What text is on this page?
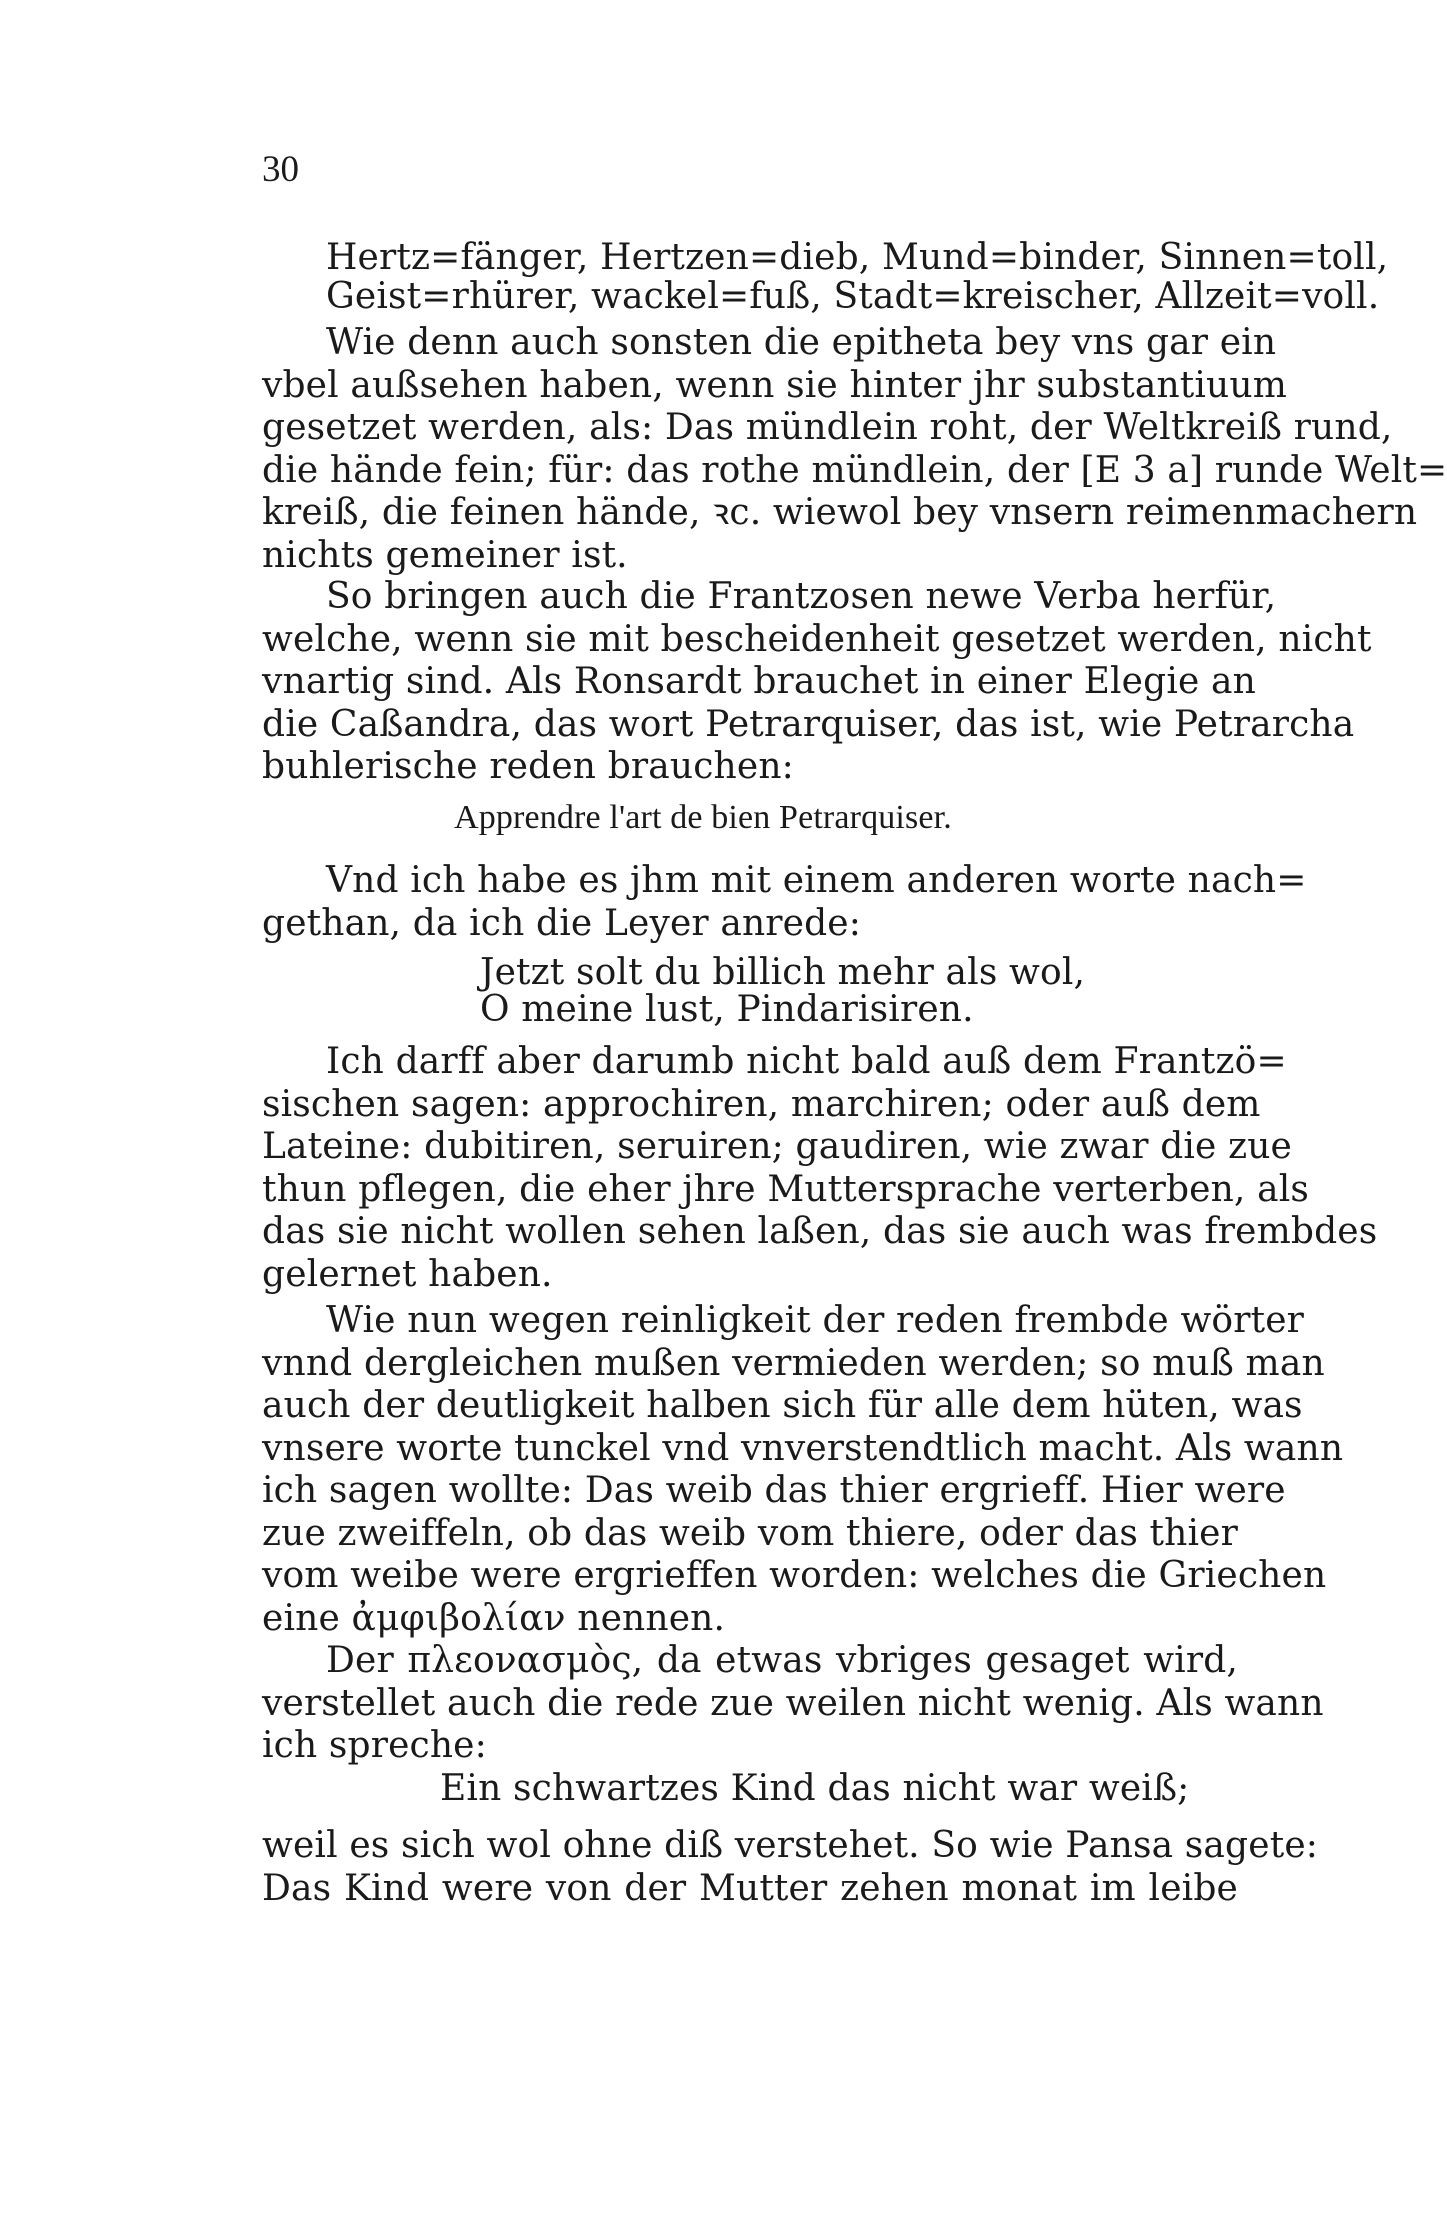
30
Hertz=fänger, Hertzen=dieb, Mund=binder, Sinnen=toll,
Geist=rhürer, wackel=fuß, Stadt=kreischer, Allzeit=voll.
Wie denn auch sonsten die epitheta bey vns gar ein
vbel außsehen haben, wenn sie hinter jhr substantiuum
gesetzet werden, als: Das mündlein roht, der Weltkreiß rund,
die hände fein; für: das rothe mündlein, der [E 3 a] runde Welt=
kreiß, die feinen hände, ꝛc. wiewol bey vnsern reimenmachern
nichts gemeiner ist.
So bringen auch die Frantzosen newe Verba herfür,
welche, wenn sie mit bescheidenheit gesetzet werden, nicht
vnartig sind. Als Ronsardt brauchet in einer Elegie an
die Caßandra, das wort Petrarquiser, das ist, wie Petrarcha
buhlerische reden brauchen:
Apprendre l'art de bien Petrarquiser.
Vnd ich habe es jhm mit einem anderen worte nach=
gethan, da ich die Leyer anrede:
Jetzt solt du billich mehr als wol,
O meine lust, Pindarisiren.
Ich darff aber darumb nicht bald auß dem Frantzö=
sischen sagen: approchiren, marchiren; oder auß dem
Lateine: dubitiren, seruiren; gaudiren, wie zwar die zue
thun pflegen, die eher jhre Muttersprache verterben, als
das sie nicht wollen sehen laßen, das sie auch was frembdes
gelernet haben.
Wie nun wegen reinligkeit der reden frembde wörter
vnnd dergleichen mußen vermieden werden; so muß man
auch der deutligkeit halben sich für alle dem hüten, was
vnsere worte tunckel vnd vnverstendtlich macht. Als wann
ich sagen wollte: Das weib das thier ergrieff. Hier were
zue zweiffeln, ob das weib vom thiere, oder das thier
vom weibe were ergrieffen worden: welches die Griechen
eine ἀμφιβολίαν nennen.
Der πλεονασμὸς, da etwas vbriges gesaget wird,
verstellet auch die rede zue weilen nicht wenig. Als wann
ich spreche:
Ein schwartzes Kind das nicht war weiß;
weil es sich wol ohne diß verstehet. So wie Pansa sagete:
Das Kind were von der Mutter zehen monat im leibe
